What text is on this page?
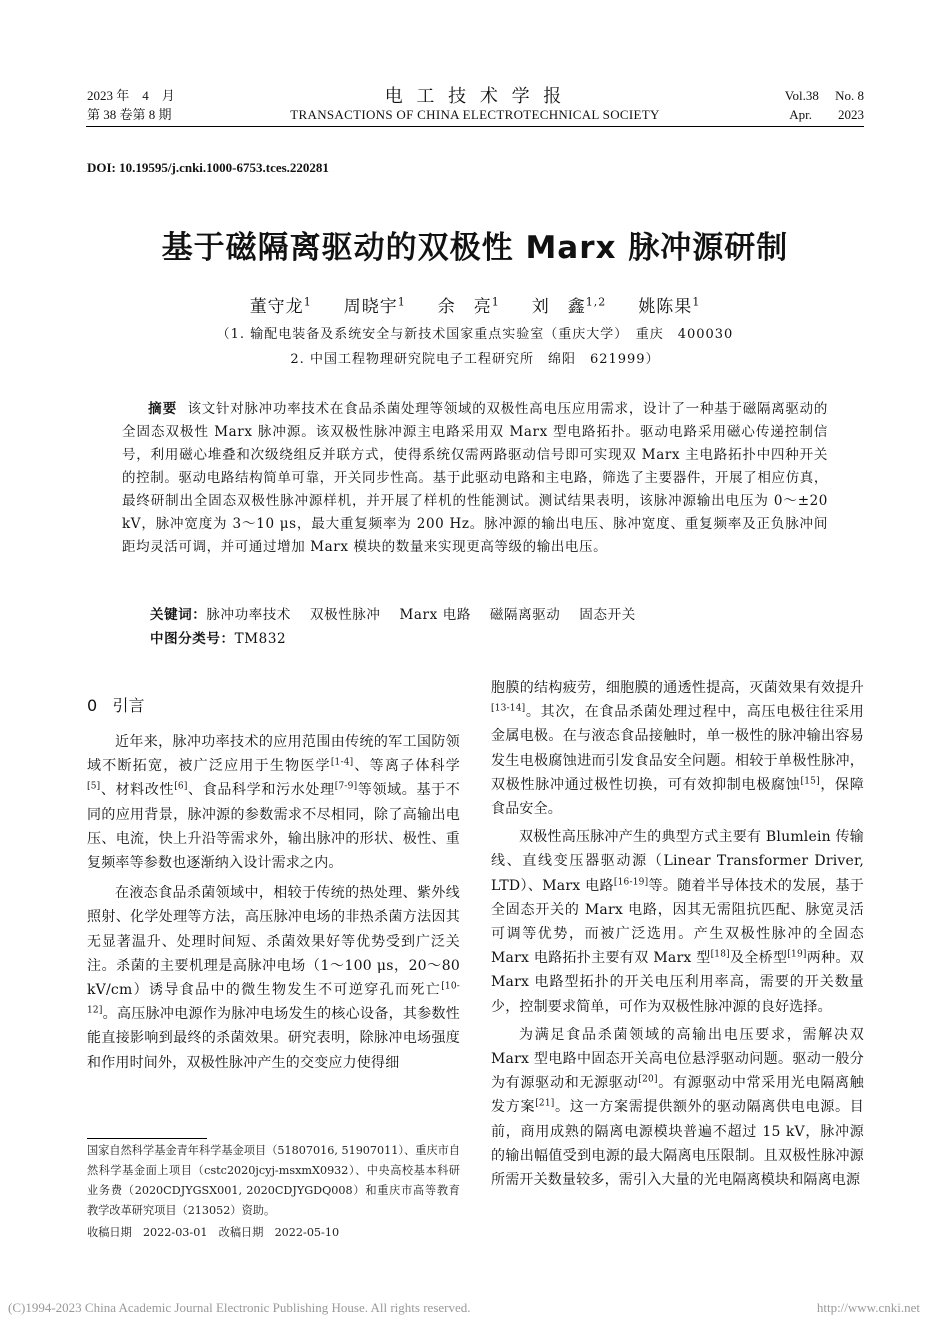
2023 年　4　月
第 38 卷第 8 期
电 工 技 术 学 报
TRANSACTIONS OF CHINA ELECTROTECHNICAL SOCIETY
Vol.38　 No. 8
Apr.　　2023
DOI: 10.19595/j.cnki.1000-6753.tces.220281
基于磁隔离驱动的双极性 Marx 脉冲源研制
董守龙$^1$ 周晓宇$^1$ 余　亮$^1$ 刘　鑫$^{1,2}$ 姚陈果$^1$
（1. 输配电装备及系统安全与新技术国家重点实验室（重庆大学）　重庆　400030
2. 中国工程物理研究院电子工程研究所　绵阳　621999）
摘要 该文针对脉冲功率技术在食品杀菌处理等领域的双极性高电压应用需求，设计了一种基于磁隔离驱动的全固态双极性 Marx 脉冲源。该双极性脉冲源主电路采用双 Marx 型电路拓扑。驱动电路采用磁心传递控制信号，利用磁心堆叠和次级绕组反并联方式，使得系统仅需两路驱动信号即可实现双 Marx 主电路拓扑中四种开关的控制。驱动电路结构简单可靠，开关同步性高。基于此驱动电路和主电路，筛选了主要器件，开展了相应仿真，最终研制出全固态双极性脉冲源样机，并开展了样机的性能测试。测试结果表明，该脉冲源输出电压为 0～±20 kV，脉冲宽度为 3～10 μs，最大重复频率为 200 Hz。脉冲源的输出电压、脉冲宽度、重复频率及正负脉冲间距均灵活可调，并可通过增加 Marx 模块的数量来实现更高等级的输出电压。
关键词：脉冲功率技术　 双极性脉冲　 Marx 电路　 磁隔离驱动　 固态开关
中图分类号：TM832
0 引言

近年来，脉冲功率技术的应用范围由传统的军工国防领域不断拓宽，被广泛应用于生物医学[1-4]、等离子体科学[5]、材料改性[6]、食品科学和污水处理[7-9]等领域。基于不同的应用背景，脉冲源的参数需求不尽相同，除了高输出电压、电流，快上升沿等需求外，输出脉冲的形状、极性、重复频率等参数也逐渐纳入设计需求之内。

在液态食品杀菌领域中，相较于传统的热处理、紫外线照射、化学处理等方法，高压脉冲电场的非热杀菌方法因其无显著温升、处理时间短、杀菌效果好等优势受到广泛关注。杀菌的主要机理是高脉冲电场（1～100 μs，20～80 kV/cm）诱导食品中的微生物发生不可逆穿孔而死亡[10-12]。高压脉冲电源作为脉冲电场发生的核心设备，其参数性能直接影响到最终的杀菌效果。研究表明，除脉冲电场强度和作用时间外，双极性脉冲产生的交变应力使得细

国家自然科学基金青年科学基金项目（51807016, 51907011）、重庆市自然科学基金面上项目（cstc2020jcyj-msxmX0932）、中央高校基本科研业务费（2020CDJYGSX001, 2020CDJYGDQ008）和重庆市高等教育教学改革研究项目（213052）资助。
收稿日期　2022-03-01　改稿日期　2022-05-10

胞膜的结构疲劳，细胞膜的通透性提高，灭菌效果有效提升[13-14]。其次，在食品杀菌处理过程中，高压电极往往采用金属电极。在与液态食品接触时，单一极性的脉冲输出容易发生电极腐蚀进而引发食品安全问题。相较于单极性脉冲，双极性脉冲通过极性切换，可有效抑制电极腐蚀[15]，保障食品安全。

双极性高压脉冲产生的典型方式主要有 Blumlein 传输线、直线变压器驱动源（Linear Transformer Driver, LTD）、Marx 电路[16-19]等。随着半导体技术的发展，基于全固态开关的 Marx 电路，因其无需阻抗匹配、脉宽灵活可调等优势，而被广泛选用。产生双极性脉冲的全固态 Marx 电路拓扑主要有双 Marx 型[18]及全桥型[19]两种。双 Marx 电路型拓扑的开关电压利用率高，需要的开关数量少，控制要求简单，可作为双极性脉冲源的良好选择。

为满足食品杀菌领域的高输出电压要求，需解决双 Marx 型电路中固态开关高电位悬浮驱动问题。驱动一般分为有源驱动和无源驱动[20]。有源驱动中常采用光电隔离触发方案[21]。这一方案需提供额外的驱动隔离供电电源。目前，商用成熟的隔离电源模块普遍不超过 15 kV，脉冲源的输出幅值受到电源的最大隔离电压限制。且双极性脉冲源所需开关数量较多，需引入大量的光电隔离模块和隔离电源

(C)1994-2023 China Academic Journal Electronic Publishing House. All rights reserved.	http://www.cnki.net
